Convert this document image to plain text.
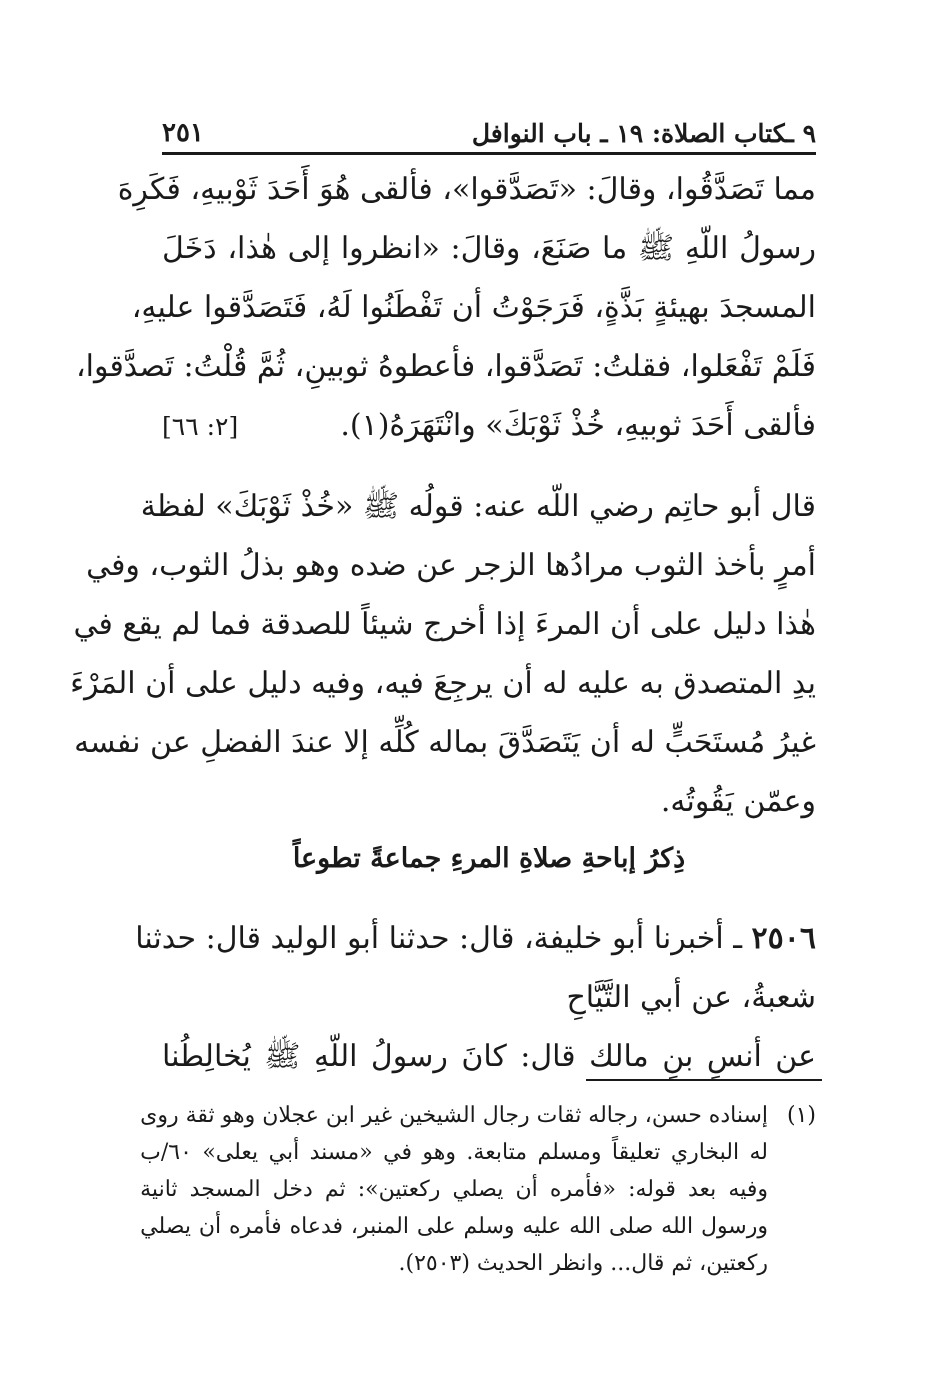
٩ ـكتاب الصلاة: ١٩ ـ باب النوافل
٢٥١
مما تَصَدَّقُوا، وقالَ: «تَصَدَّقوا»، فألقى هُوَ أَحَدَ ثَوْبيهِ، فَكَرِهَ
رسولُ اللّهِ ﷺ ما صَنَعَ، وقالَ: «انظروا إلى هٰذا، دَخَلَ
المسجدَ بهيئةٍ بَذَّةٍ، فَرَجَوْتُ أن تَفْطَنُوا لَهُ، فَتَصَدَّقوا عليهِ،
فَلَمْ تَفْعَلوا، فقلتُ: تَصَدَّقوا، فأعطوهُ ثوبينِ، ثُمَّ قُلْتُ: تَصدَّقوا،
فألقى أَحَدَ ثوبيهِ، خُذْ ثَوْبَكَ» وانْتَهَرَهُ(١).
[٢: ٦٦]
قال أبو حاتِم رضي اللّه عنه: قولُه ﷺ «خُذْ ثَوْبَكَ» لفظة
أمرٍ بأخذ الثوب مرادُها الزجر عن ضده وهو بذلُ الثوب، وفي
هٰذا دليل على أن المرءَ إذا أخرج شيئاً للصدقة فما لم يقع في
يدِ المتصدق به عليه له أن يرجِعَ فيه، وفيه دليل على أن المَرْءَ
غيرُ مُستَحَبٍّ له أن يَتَصَدَّقَ بماله كُلِّه إلا عندَ الفضلِ عن نفسه
وعمّن يَقُوتُه.
ذِكرُ إباحةِ صلاةِ المرءِ جماعةً تطوعاً
٢٥٠٦ ـ أخبرنا أبو خليفة، قال: حدثنا أبو الوليد قال: حدثنا
شعبةُ، عن أبي التَّيَّاحِ
عن أنسِ بنِ مالك قال: كانَ رسولُ اللّهِ ﷺ يُخالِطُنا
(١)
إسناده حسن، رجاله ثقات رجال الشيخين غير ابن عجلان وهو ثقة روى
له البخاري تعليقاً ومسلم متابعة. وهو في «مسند أبي يعلى» ٦٠/ب
وفيه بعد قوله: «فأمره أن يصلي ركعتين»: ثم دخل المسجد ثانية
ورسول الله صلى الله عليه وسلم على المنبر، فدعاه فأمره أن يصلي
ركعتين، ثم قال... وانظر الحديث (٢٥٠٣).
